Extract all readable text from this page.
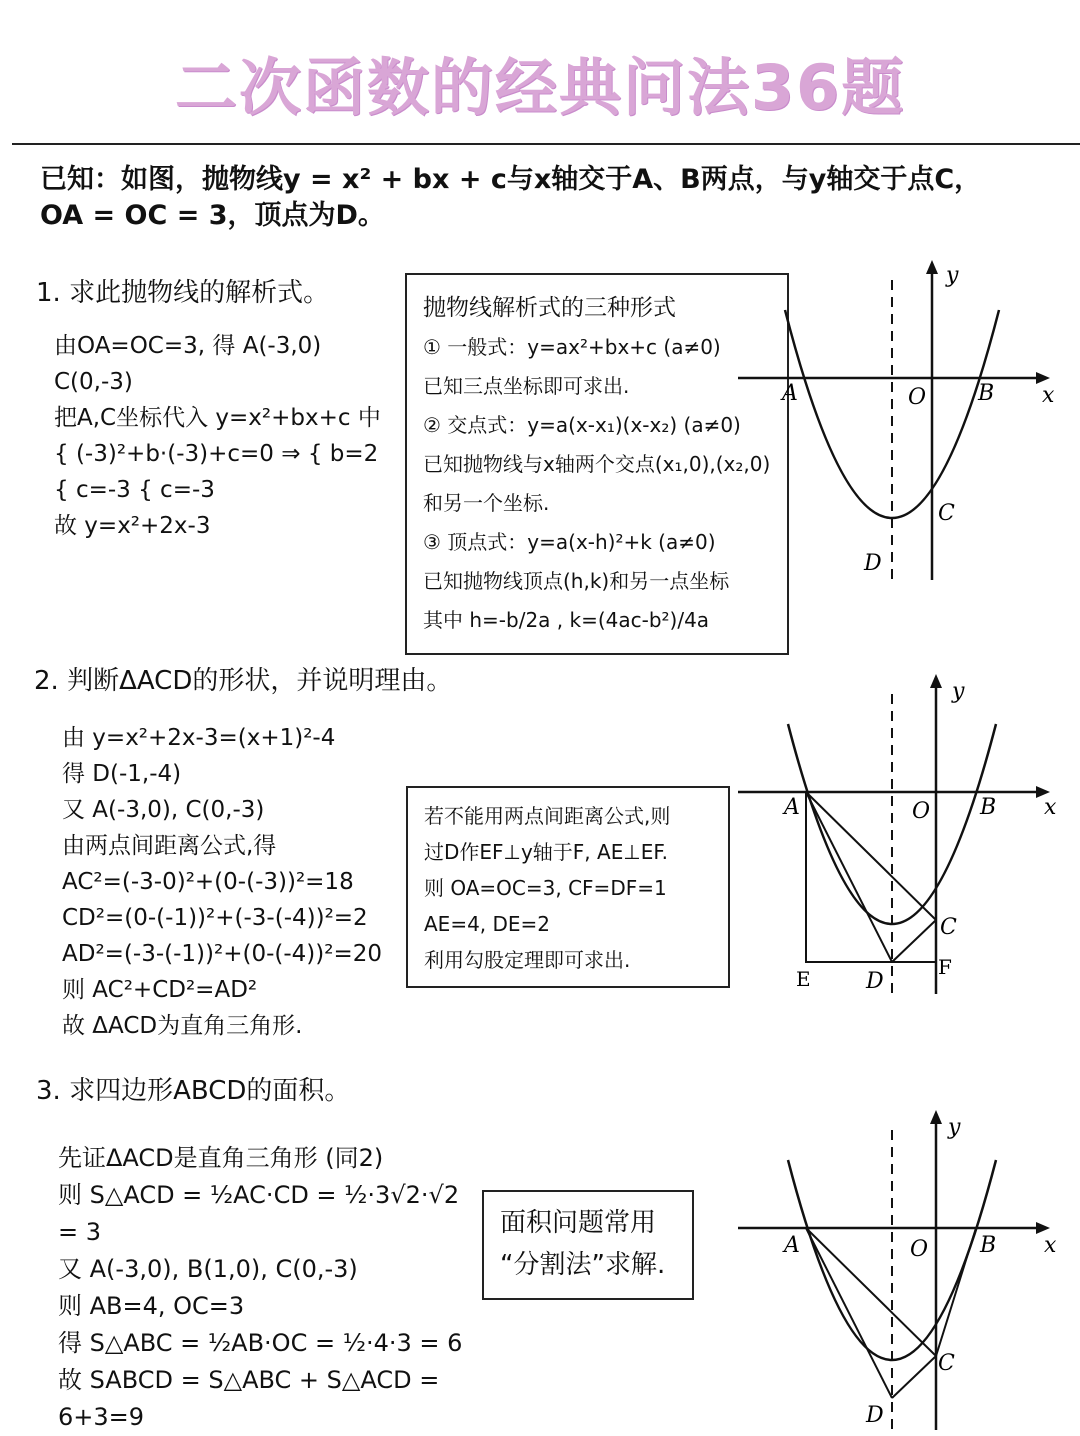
二次函数的经典问法36题
已知：如图，抛物线y = x² + bx + c与x轴交于A、B两点，与y轴交于点C，
OA = OC = 3，顶点为D。
1. 求此抛物线的解析式。
由OA=OC=3, 得 A(-3,0) C(0,-3)
把A,C坐标代入 y=x²+bx+c 中
{ (-3)²+b·(-3)+c=0 ⇒ { b=2
{ c=-3 { c=-3
故 y=x²+2x-3
抛物线解析式的三种形式
① 一般式：y=ax²+bx+c (a≠0)
已知三点坐标即可求出.
② 交点式：y=a(x-x₁)(x-x₂) (a≠0)
已知抛物线与x轴两个交点(x₁,0),(x₂,0)
和另一个坐标.
③ 顶点式：y=a(x-h)²+k (a≠0)
已知抛物线顶点(h,k)和另一点坐标
其中 h=-b/2a , k=(4ac-b²)/4a
y
x
A	O B
C
D
2. 判断ΔACD的形状，并说明理由。
由 y=x²+2x-3=(x+1)²-4
得 D(-1,-4)
又 A(-3,0), C(0,-3)
由两点间距离公式,得
AC²=(-3-0)²+(0-(-3))²=18
CD²=(0-(-1))²+(-3-(-4))²=2
AD²=(-3-(-1))²+(0-(-4))²=20
则 AC²+CD²=AD²
故 ΔACD为直角三角形.
若不能用两点间距离公式,则
过D作EF⊥y轴于F, AE⊥EF.
则 OA=OC=3, CF=DF=1
AE=4, DE=2
利用勾股定理即可求出.
y
x
A	O B
C
D
E	F
3. 求四边形ABCD的面积。
先证ΔACD是直角三角形 (同2)
则 S△ACD = ½AC·CD = ½·3√2·√2 = 3
又 A(-3,0), B(1,0), C(0,-3)
则 AB=4, OC=3
得 S△ABC = ½AB·OC = ½·4·3 = 6
故 SABCD = S△ABC + S△ACD = 6+3=9
面积问题常用
“分割法”求解.
y
x
A	O B
C
D
